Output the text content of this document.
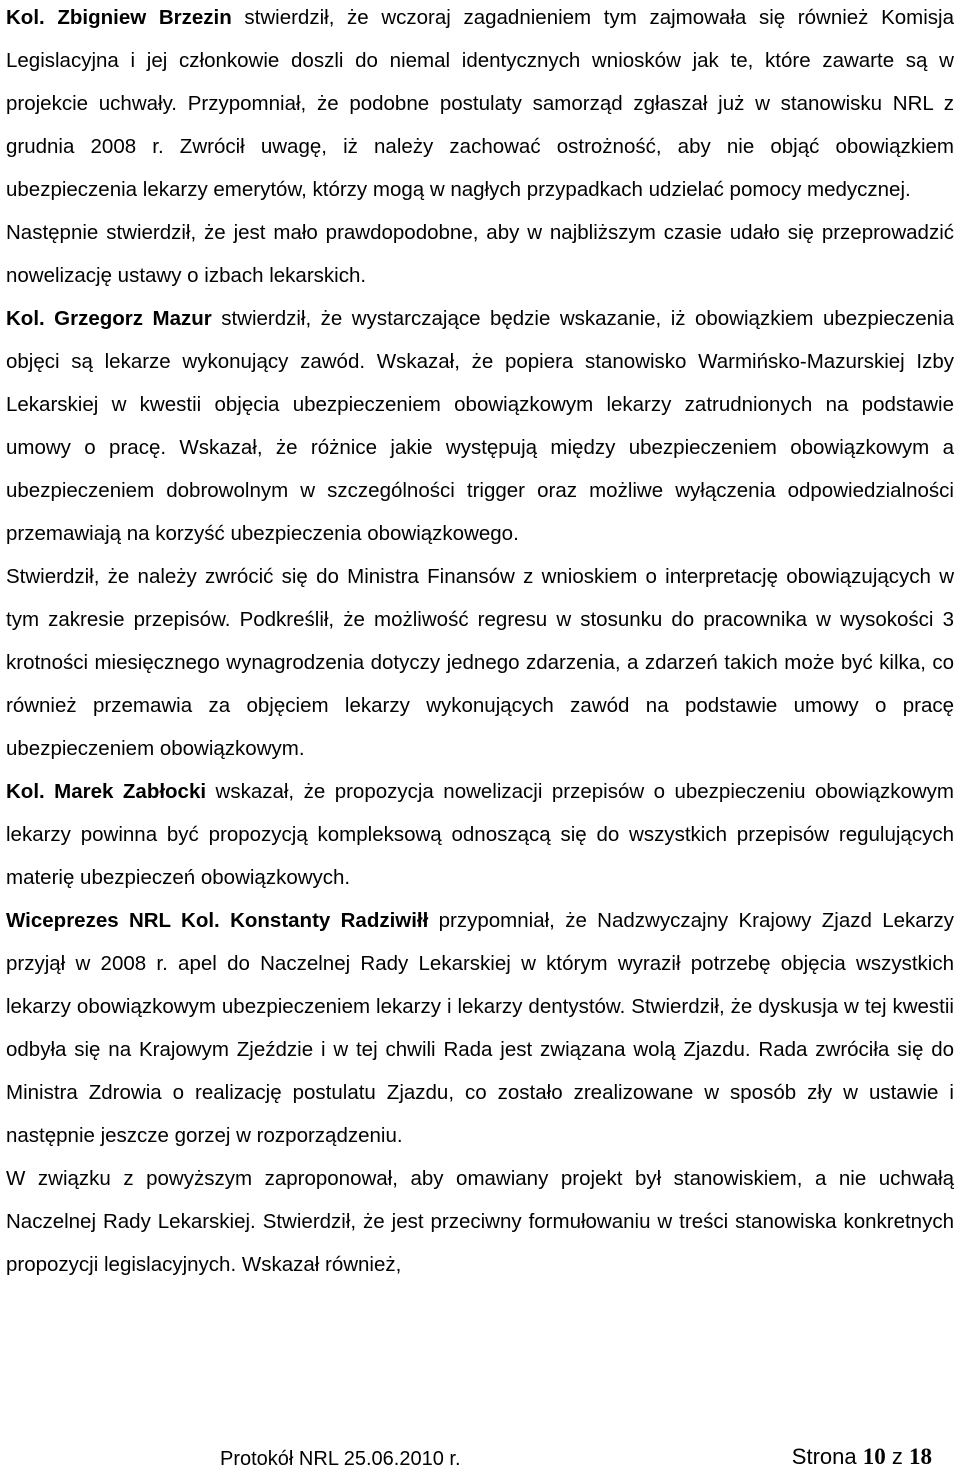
Kol. Zbigniew Brzezin stwierdził, że wczoraj zagadnieniem tym zajmowała się również Komisja Legislacyjna i jej członkowie doszli do niemal identycznych wniosków jak te, które zawarte są w projekcie uchwały. Przypomniał, że podobne postulaty samorząd zgłaszał już w stanowisku NRL z grudnia 2008 r. Zwrócił uwagę, iż należy zachować ostrożność, aby nie objąć obowiązkiem ubezpieczenia lekarzy emerytów, którzy mogą w nagłych przypadkach udzielać pomocy medycznej.

Następnie stwierdził, że jest mało prawdopodobne, aby w najbliższym czasie udało się przeprowadzić nowelizację ustawy o izbach lekarskich.

Kol. Grzegorz Mazur stwierdził, że wystarczające będzie wskazanie, iż obowiązkiem ubezpieczenia objęci są lekarze wykonujący zawód. Wskazał, że popiera stanowisko Warmińsko-Mazurskiej Izby Lekarskiej w kwestii objęcia ubezpieczeniem obowiązkowym lekarzy zatrudnionych na podstawie umowy o pracę. Wskazał, że różnice jakie występują między ubezpieczeniem obowiązkowym a ubezpieczeniem dobrowolnym w szczególności trigger oraz możliwe wyłączenia odpowiedzialności przemawiają na korzyść ubezpieczenia obowiązkowego.

Stwierdził, że należy zwrócić się do Ministra Finansów z wnioskiem o interpretację obowiązujących w tym zakresie przepisów. Podkreślił, że możliwość regresu w stosunku do pracownika w wysokości 3 krotności miesięcznego wynagrodzenia dotyczy jednego zdarzenia, a zdarzeń takich może być kilka, co również przemawia za objęciem lekarzy wykonujących zawód na podstawie umowy o pracę ubezpieczeniem obowiązkowym.

Kol. Marek Zabłocki wskazał, że propozycja nowelizacji przepisów o ubezpieczeniu obowiązkowym lekarzy powinna być propozycją kompleksową odnoszącą się do wszystkich przepisów regulujących materię ubezpieczeń obowiązkowych.

Wiceprezes NRL Kol. Konstanty Radziwiłł przypomniał, że Nadzwyczajny Krajowy Zjazd Lekarzy przyjął w 2008 r. apel do Naczelnej Rady Lekarskiej w którym wyraził potrzebę objęcia wszystkich lekarzy obowiązkowym ubezpieczeniem lekarzy i lekarzy dentystów. Stwierdził, że dyskusja w tej kwestii odbyła się na Krajowym Zjeździe i w tej chwili Rada jest związana wolą Zjazdu. Rada zwróciła się do Ministra Zdrowia o realizację postulatu Zjazdu, co zostało zrealizowane w sposób zły w ustawie i następnie jeszcze gorzej w rozporządzeniu.

W związku z powyższym zaproponował, aby omawiany projekt był stanowiskiem, a nie uchwałą Naczelnej Rady Lekarskiej. Stwierdził, że jest przeciwny formułowaniu w treści stanowiska konkretnych propozycji legislacyjnych. Wskazał również,

Protokół NRL 25.06.2010 r.	Strona 10 z 18
